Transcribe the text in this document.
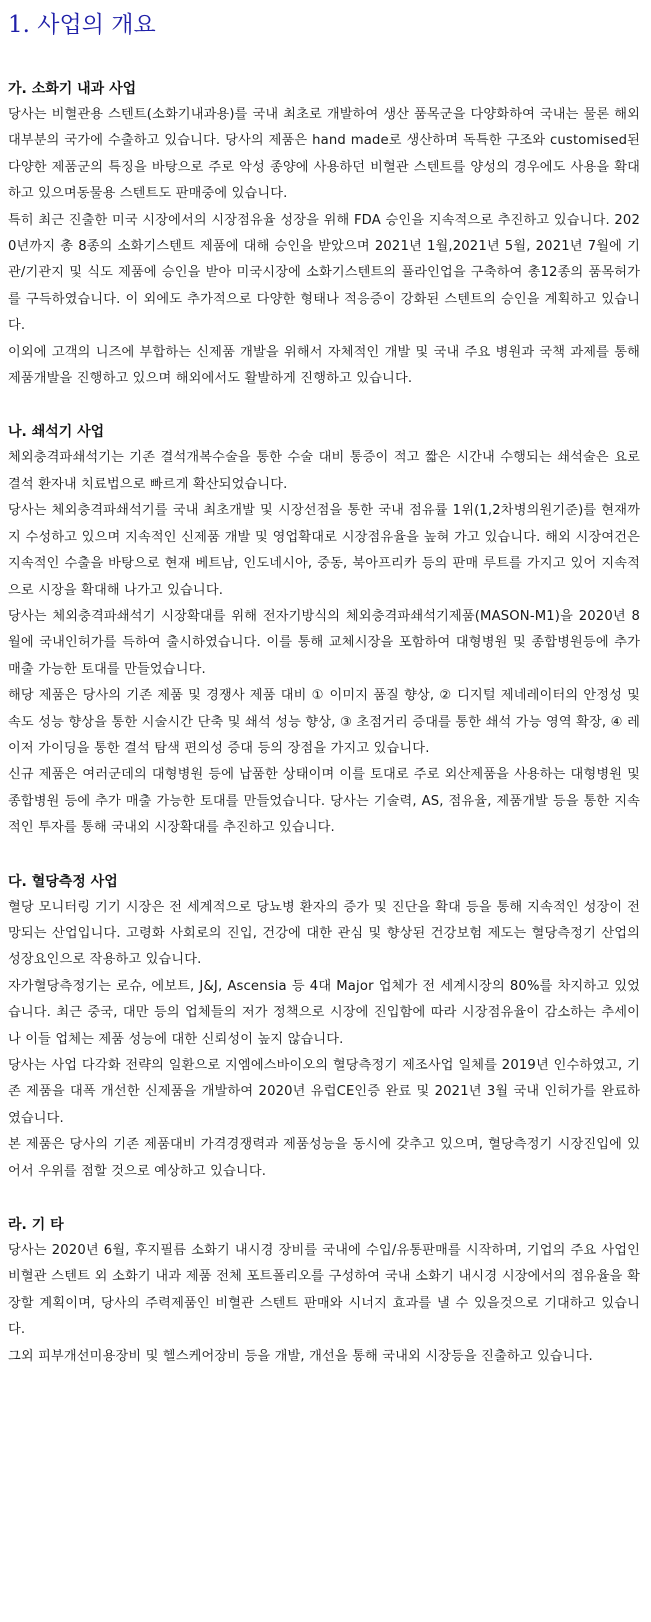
1. 사업의 개요
가. 소화기 내과 사업

당사는 비혈관용 스텐트(소화기내과용)를 국내 최초로 개발하여 생산 품목군을 다양화하여 국내는 물론 해외 대부분의 국가에 수출하고 있습니다. 당사의 제품은 hand made로 생산하며 독특한 구조와 customised된 다양한 제품군의 특징을 바탕으로 주로 악성 종양에 사용하던 비혈관 스텐트를 양성의 경우에도 사용을 확대 하고 있으며동물용 스텐트도 판매중에 있습니다.

특히 최근 진출한 미국 시장에서의 시장점유율 성장을 위해 FDA 승인을 지속적으로 추진하고 있습니다. 2020년까지 총 8종의 소화기스텐트 제품에 대해 승인을 받았으며 2021년 1월,2021년 5월, 2021년 7월에 기관/기관지 및 식도 제품에 승인을 받아 미국시장에 소화기스텐트의 풀라인업을 구축하여 총12종의 품목허가를 구득하였습니다. 이 외에도 추가적으로 다양한 형태나 적응증이 강화된 스텐트의 승인을 계획하고 있습니다.

이외에 고객의 니즈에 부합하는 신제품 개발을 위해서 자체적인 개발 및 국내 주요 병원과 국책 과제를 통해 제품개발을 진행하고 있으며 해외에서도 활발하게 진행하고 있습니다.

나. 쇄석기 사업

체외충격파쇄석기는 기존 결석개복수술을 통한 수술 대비 통증이 적고 짧은 시간내 수행되는 쇄석술은 요로결석 환자내 치료법으로 빠르게 확산되었습니다.

당사는 체외충격파쇄석기를 국내 최초개발 및 시장선점을 통한 국내 점유률 1위(1,2차병의원기준)를 현재까지 수성하고 있으며 지속적인 신제품 개발 및 영업확대로 시장점유율을 높혀 가고 있습니다. 해외 시장여건은 지속적인 수출을 바탕으로 현재 베트남, 인도네시아, 중동, 북아프리카 등의 판매 루트를 가지고 있어 지속적으로 시장을 확대해 나가고 있습니다.

당사는 체외충격파쇄석기 시장확대를 위해 전자기방식의 체외충격파쇄석기제품(MASON-M1)을 2020년 8월에 국내인허가를 득하여 출시하였습니다. 이를 통해 교체시장을 포함하여 대형병원 및 종합병원등에 추가 매출 가능한 토대를 만들었습니다.

해당 제품은 당사의 기존 제품 및 경쟁사 제품 대비 ① 이미지 품질 향상, ② 디지털 제네레이터의 안정성 및 속도 성능 향상을 통한 시술시간 단축 및 쇄석 성능 향상, ③ 초점거리 증대를 통한 쇄석 가능 영역 확장, ④ 레이저 가이딩을 통한 결석 탐색 편의성 증대 등의 장점을 가지고 있습니다.

신규 제품은 여러군데의 대형병원 등에 납품한 상태이며 이를 토대로 주로 외산제품을 사용하는 대형병원 및 종합병원 등에 추가 매출 가능한 토대를 만들었습니다. 당사는 기술력, AS, 점유율, 제품개발 등을 통한 지속적인 투자를 통해 국내외 시장확대를 추진하고 있습니다.

다. 혈당측정 사업

혈당 모니터링 기기 시장은 전 세계적으로 당뇨병 환자의 증가 및 진단을 확대 등을 통해 지속적인 성장이 전망되는 산업입니다. 고령화 사회로의 진입, 건강에 대한 관심 및 향상된 건강보험 제도는 혈당측정기 산업의 성장요인으로 작용하고 있습니다.

자가혈당측정기는 로슈, 에보트, J&J, Ascensia 등 4대 Major 업체가 전 세계시장의 80%를 차지하고 있었습니다. 최근 중국, 대만 등의 업체들의 저가 정책으로 시장에 진입함에 따라 시장점유율이 감소하는 추세이나 이들 업체는 제품 성능에 대한 신뢰성이 높지 않습니다.

당사는 사업 다각화 전략의 일환으로 지엠에스바이오의 혈당측정기 제조사업 일체를 2019년 인수하였고, 기존 제품을 대폭 개선한 신제품을 개발하여 2020년 유럽CE인증 완료 및 2021년 3월 국내 인허가를 완료하였습니다.

본 제품은 당사의 기존 제품대비 가격경쟁력과 제품성능을 동시에 갖추고 있으며, 혈당측정기 시장진입에 있어서 우위를 점할 것으로 예상하고 있습니다.

라. 기 타

당사는 2020년 6월, 후지필름 소화기 내시경 장비를 국내에 수입/유통판매를 시작하며, 기업의 주요 사업인 비혈관 스텐트 외 소화기 내과 제품 전체 포트폴리오를 구성하여 국내 소화기 내시경 시장에서의 점유율을 확장할 계획이며, 당사의 주력제품인 비혈관 스텐트 판매와 시너지 효과를 낼 수 있을것으로 기대하고 있습니다.

그외 피부개선미용장비 및 헬스케어장비 등을 개발, 개선을 통해 국내외 시장등을 진출하고 있습니다.
